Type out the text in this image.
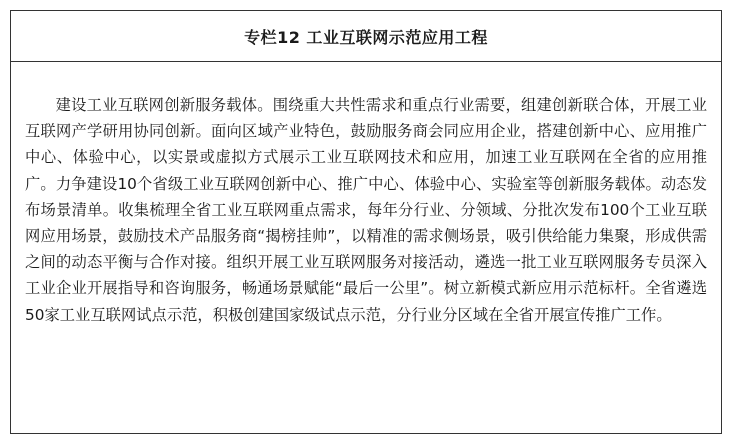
专栏12 工业互联网示范应用工程

建设工业互联网创新服务载体。围绕重大共性需求和重点行业需要，组建创新联合体，开展工业互联网产学研用协同创新。面向区域产业特色，鼓励服务商会同应用企业，搭建创新中心、应用推广中心、体验中心，以实景或虚拟方式展示工业互联网技术和应用，加速工业互联网在全省的应用推广。力争建设10个省级工业互联网创新中心、推广中心、体验中心、实验室等创新服务载体。动态发布场景清单。收集梳理全省工业互联网重点需求，每年分行业、分领域、分批次发布100个工业互联网应用场景，鼓励技术产品服务商“揭榜挂帅”，以精准的需求侧场景，吸引供给能力集聚，形成供需之间的动态平衡与合作对接。组织开展工业互联网服务对接活动，遴选一批工业互联网服务专员深入工业企业开展指导和咨询服务，畅通场景赋能“最后一公里”。树立新模式新应用示范标杆。全省遴选50家工业互联网试点示范，积极创建国家级试点示范，分行业分区域在全省开展宣传推广工作。
